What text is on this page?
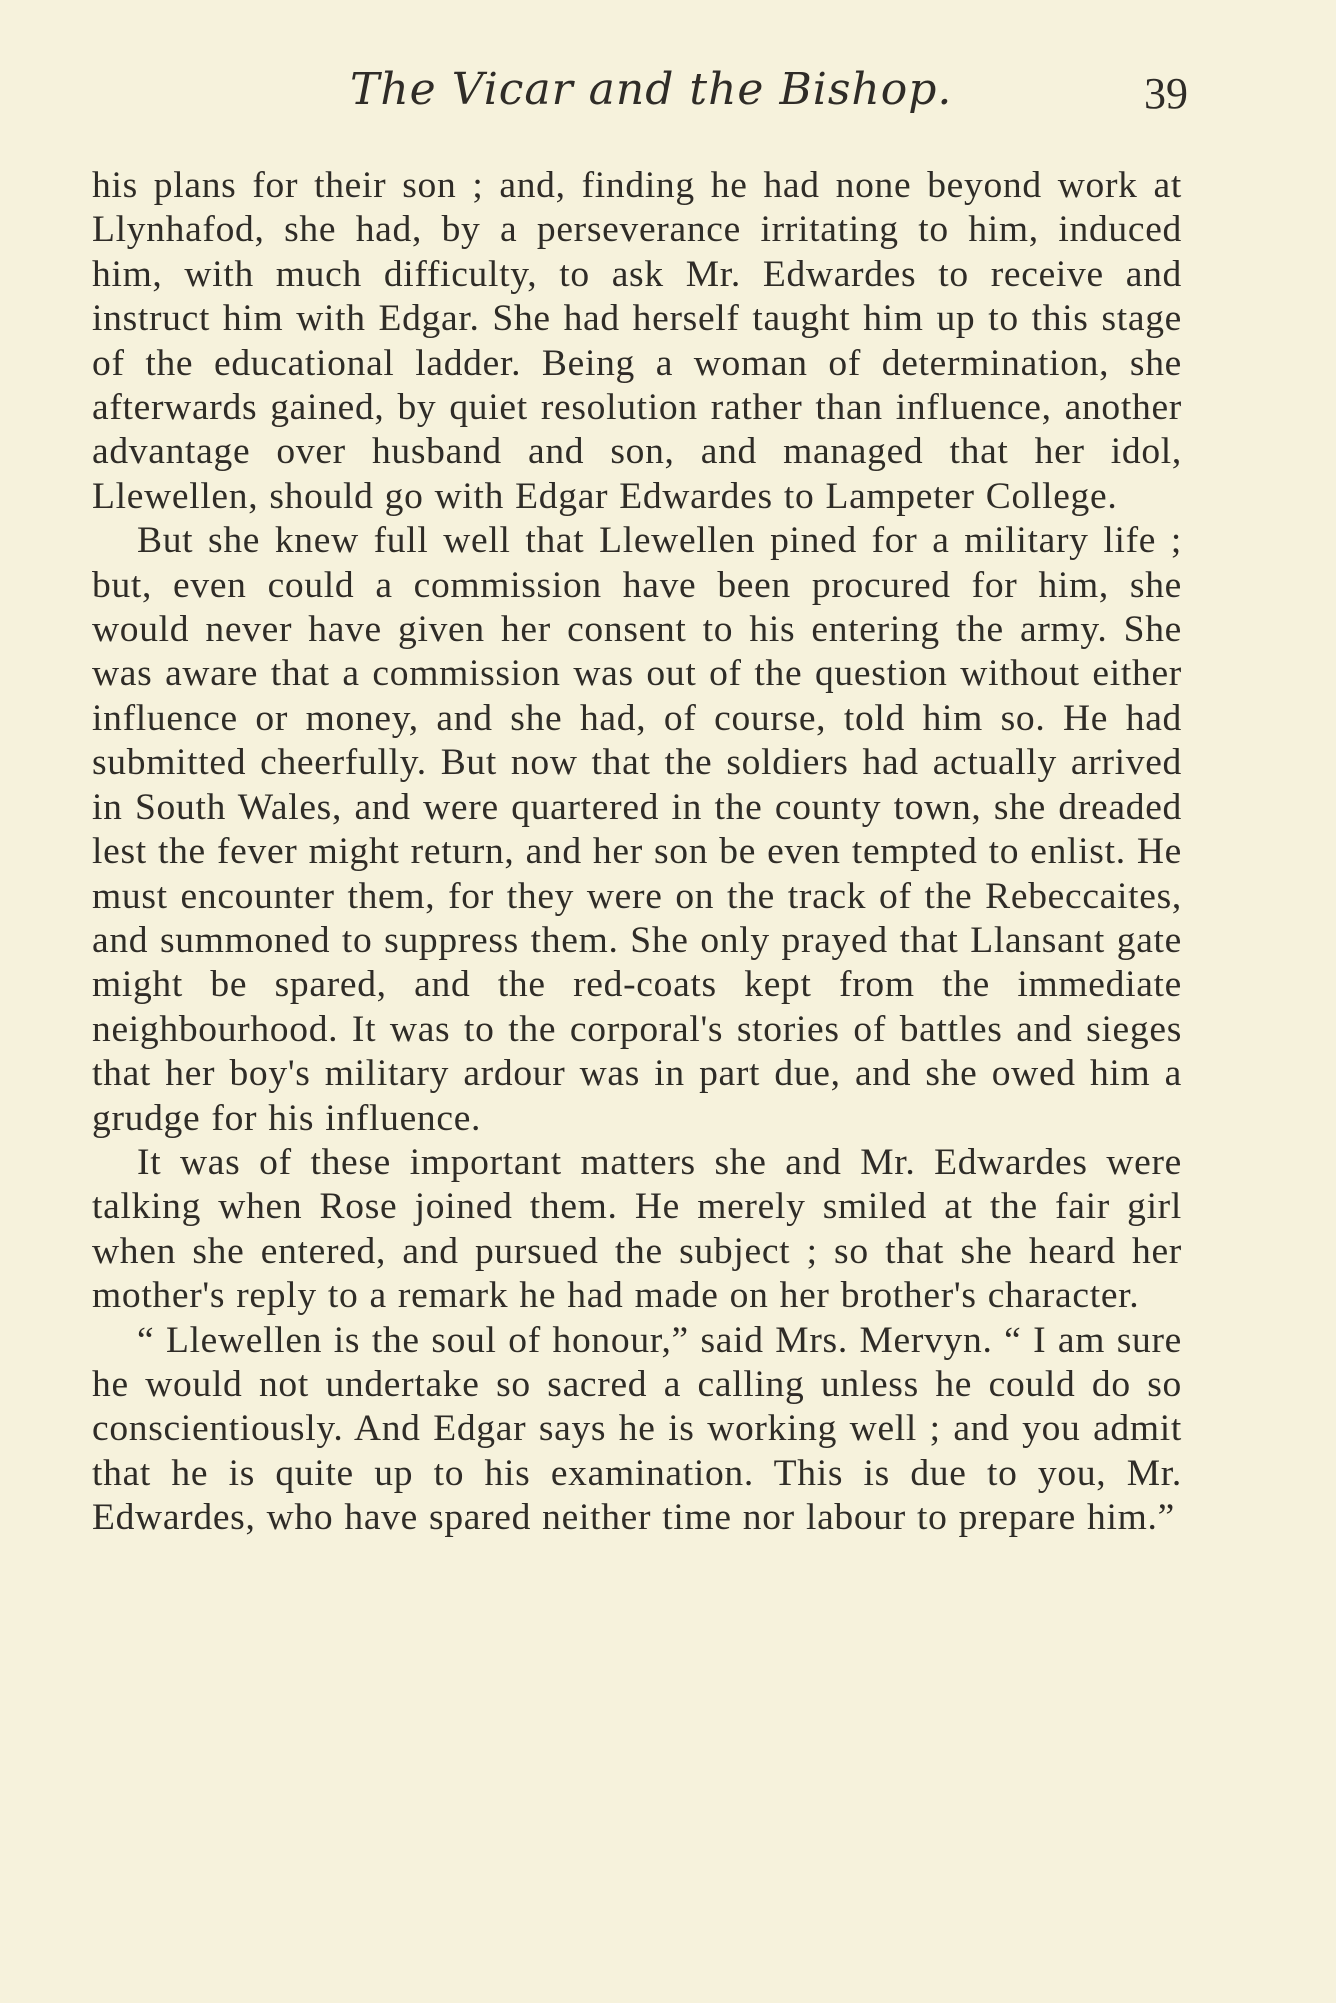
The Vicar and the Bishop.	39

his plans for their son ; and, finding he had none beyond work at Llynhafod, she had, by a perseverance irritating to him, induced him, with much difficulty, to ask Mr. Edwardes to receive and instruct him with Edgar. She had herself taught him up to this stage of the educational ladder. Being a woman of determination, she afterwards gained, by quiet resolution rather than influence, another advantage over husband and son, and managed that her idol, Llewellen, should go with Edgar Edwardes to Lampeter College.

But she knew full well that Llewellen pined for a military life ; but, even could a commission have been procured for him, she would never have given her consent to his entering the army. She was aware that a commission was out of the question without either influence or money, and she had, of course, told him so. He had submitted cheerfully. But now that the soldiers had actually arrived in South Wales, and were quartered in the county town, she dreaded lest the fever might return, and her son be even tempted to enlist. He must encounter them, for they were on the track of the Rebeccaites, and summoned to suppress them. She only prayed that Llansant gate might be spared, and the red-coats kept from the immediate neighbourhood. It was to the corporal's stories of battles and sieges that her boy's military ardour was in part due, and she owed him a grudge for his influence.

It was of these important matters she and Mr. Edwardes were talking when Rose joined them. He merely smiled at the fair girl when she entered, and pursued the subject ; so that she heard her mother's reply to a remark he had made on her brother's character.

“ Llewellen is the soul of honour,” said Mrs. Mervyn. “ I am sure he would not undertake so sacred a calling unless he could do so conscientiously. And Edgar says he is working well ; and you admit that he is quite up to his examination. This is due to you, Mr. Edwardes, who have spared neither time nor labour to prepare him.”
